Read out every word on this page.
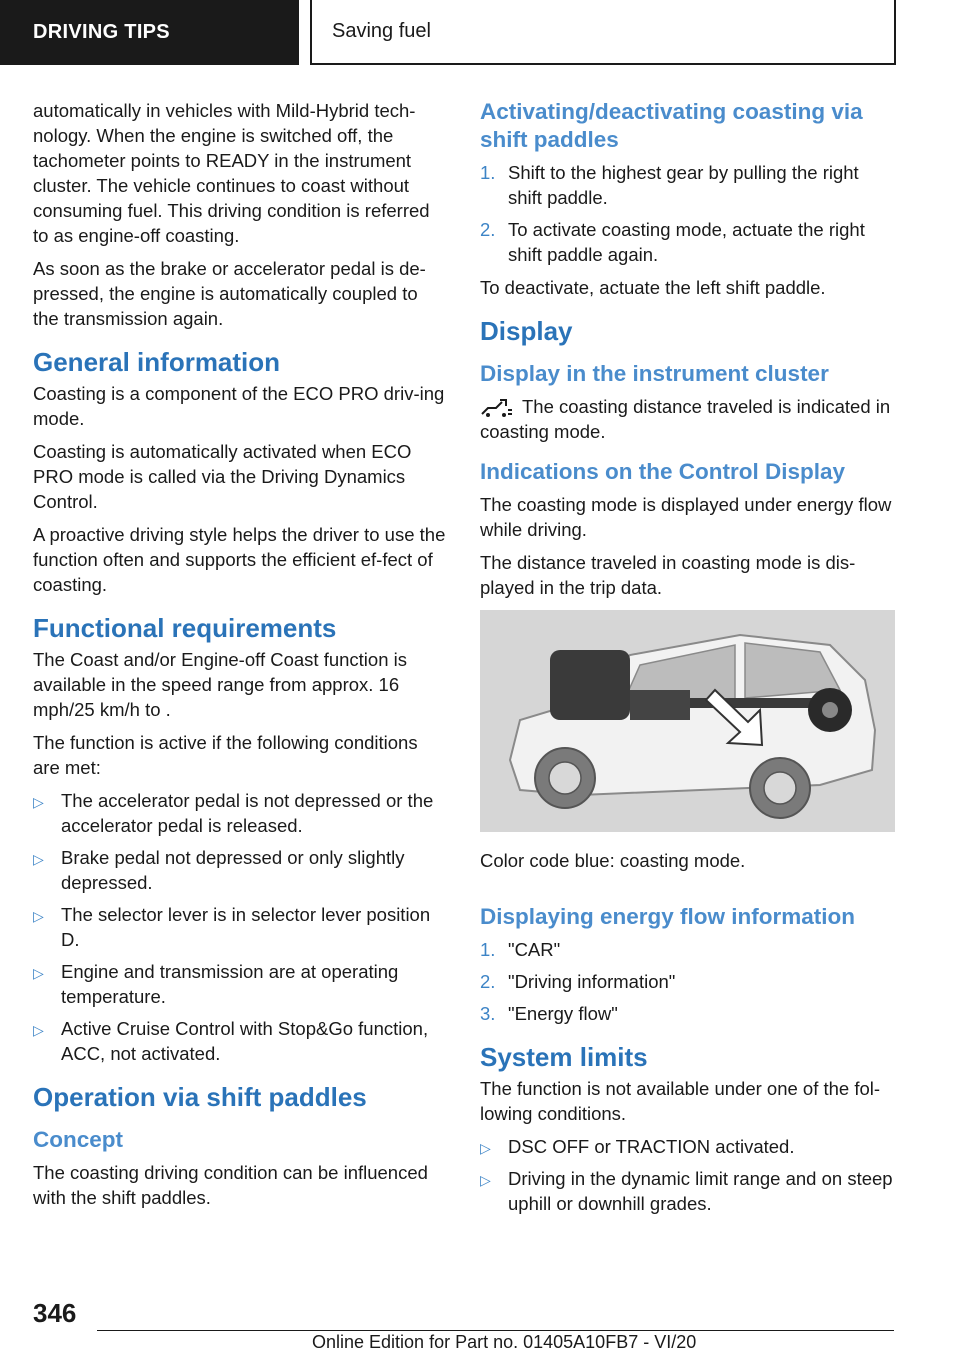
DRIVING TIPS	Saving fuel

automatically in vehicles with Mild-Hybrid tech-nology. When the engine is switched off, the tachometer points to READY in the instrument cluster. The vehicle continues to coast without consuming fuel. This driving condition is referred to as engine-off coasting.

As soon as the brake or accelerator pedal is de-pressed, the engine is automatically coupled to the transmission again.

General information

Coasting is a component of the ECO PRO driv-ing mode.

Coasting is automatically activated when ECO PRO mode is called via the Driving Dynamics Control.

A proactive driving style helps the driver to use the function often and supports the efficient ef-fect of coasting.

Functional requirements

The Coast and/or Engine-off Coast function is available in the speed range from approx. 16 mph/25 km/h to .

The function is active if the following conditions are met:

▷ The accelerator pedal is not depressed or the accelerator pedal is released.
▷ Brake pedal not depressed or only slightly depressed.
▷ The selector lever is in selector lever position D.
▷ Engine and transmission are at operating temperature.
▷ Active Cruise Control with Stop&Go function, ACC, not activated.
Operation via shift paddles
Concept

The coasting driving condition can be influenced with the shift paddles.

Activating/deactivating coasting via shift paddles
1. Shift to the highest gear by pulling the right shift paddle.
2. To activate coasting mode, actuate the right shift paddle again.

To deactivate, actuate the left shift paddle.

Display
Display in the instrument cluster

The coasting distance traveled is indicated in coasting mode.

Indications on the Control Display

The coasting mode is displayed under energy flow while driving.

The distance traveled in coasting mode is dis-played in the trip data.

Color code blue: coasting mode.

Displaying energy flow information
1. "CAR"
2. "Driving information"
3. "Energy flow"
System limits

The function is not available under one of the fol-lowing conditions.

▷ DSC OFF or TRACTION activated.
▷ Driving in the dynamic limit range and on steep uphill or downhill grades.
346
Online Edition for Part no. 01405A10FB7 - VI/20
